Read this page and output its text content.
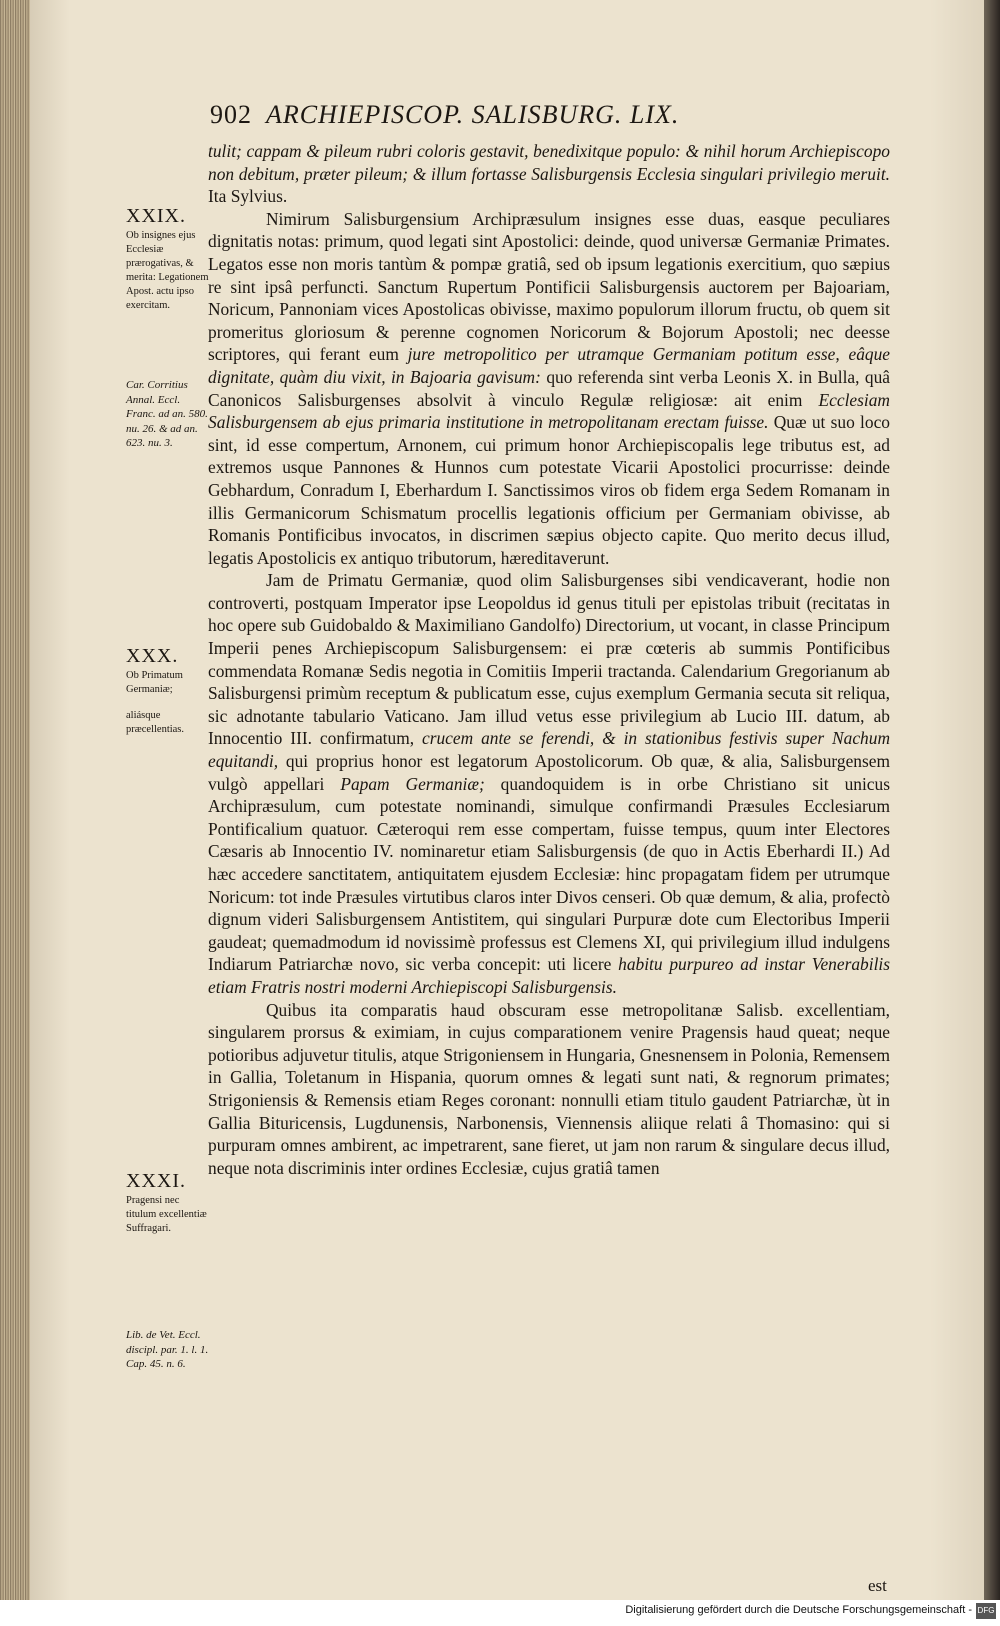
902 ARCHIEPISCOP. SALISBURG. LIX.
XXIX.
Ob insignes ejus Ecclesiæ prærogativas, & merita: Legationem Apost. actu ipso exercitam.
Car. Corritius Annal. Eccl. Franc. ad an. 580. nu. 26. & ad an. 623. nu. 3.
XXX.
Ob Primatum Germaniæ;
aliásque præcellentias.
XXXI.
Pragensi nec titulum excellentiæ Suffragari.
Lib. de Vet. Eccl. discipl. par. 1. l. 1. Cap. 45. n. 6.

tulit; cappam & pileum rubri coloris gestavit, benedixitque populo: & nihil horum Archiepiscopo non debitum, præter pileum; & illum fortasse Salisburgensis Ecclesia singulari privilegio meruit. Ita Sylvius.

Nimirum Salisburgensium Archipræsulum insignes esse duas, easque peculiares dignitatis notas: primum, quod legati sint Apostolici: deinde, quod universæ Germaniæ Primates. Legatos esse non moris tantùm & pompæ gratiâ, sed ob ipsum legationis exercitium, quo sæpius re sint ipsâ perfuncti. Sanctum Rupertum Pontificii Salisburgensis auctorem per Bajoariam, Noricum, Pannoniam vices Apostolicas obivisse, maximo populorum illorum fructu, ob quem sit promeritus gloriosum & perenne cognomen Noricorum & Bojorum Apostoli; nec deesse scriptores, qui ferant eum jure metropolitico per utramque Germaniam potitum esse, eâque dignitate, quàm diu vixit, in Bajoaria gavisum: quo referenda sint verba Leonis X. in Bulla, quâ Canonicos Salisburgenses absolvit à vinculo Regulæ religiosæ: ait enim Ecclesiam Salisburgensem ab ejus primaria institutione in metropolitanam erectam fuisse. Quæ ut suo loco sint, id esse compertum, Arnonem, cui primum honor Archiepiscopalis lege tributus est, ad extremos usque Pannones & Hunnos cum potestate Vicarii Apostolici procurrisse: deinde Gebhardum, Conradum I, Eberhardum I. Sanctissimos viros ob fidem erga Sedem Romanam in illis Germanicorum Schismatum procellis legationis officium per Germaniam obivisse, ab Romanis Pontificibus invocatos, in discrimen sæpius objecto capite. Quo merito decus illud, legatis Apostolicis ex antiquo tributorum, hæreditaverunt.

Jam de Primatu Germaniæ, quod olim Salisburgenses sibi vendicaverant, hodie non controverti, postquam Imperator ipse Leopoldus id genus tituli per epistolas tribuit (recitatas in hoc opere sub Guidobaldo & Maximiliano Gandolfo) Directorium, ut vocant, in classe Principum Imperii penes Archiepiscopum Salisburgensem: ei præ cœteris ab summis Pontificibus commendata Romanæ Sedis negotia in Comitiis Imperii tractanda. Calendarium Gregorianum ab Salisburgensi primùm receptum & publicatum esse, cujus exemplum Germania secuta sit reliqua, sic adnotante tabulario Vaticano. Jam illud vetus esse privilegium ab Lucio III. datum, ab Innocentio III. confirmatum, crucem ante se ferendi, & in stationibus festivis super Nachum equitandi, qui proprius honor est legatorum Apostolicorum. Ob quæ, & alia, Salisburgensem vulgò appellari Papam Germaniæ; quandoquidem is in orbe Christiano sit unicus Archipræsulum, cum potestate nominandi, simulque confirmandi Præsules Ecclesiarum Pontificalium quatuor. Cæteroqui rem esse compertam, fuisse tempus, quum inter Electores Cæsaris ab Innocentio IV. nominaretur etiam Salisburgensis (de quo in Actis Eberhardi II.) Ad hæc accedere sanctitatem, antiquitatem ejusdem Ecclesiæ: hinc propagatam fidem per utrumque Noricum: tot inde Præsules virtutibus claros inter Divos censeri. Ob quæ demum, & alia, profectò dignum videri Salisburgensem Antistitem, qui singulari Purpuræ dote cum Electoribus Imperii gaudeat; quemadmodum id novissimè professus est Clemens XI, qui privilegium illud indulgens Indiarum Patriarchæ novo, sic verba concepit: uti licere habitu purpureo ad instar Venerabilis etiam Fratris nostri moderni Archiepiscopi Salisburgensis.

Quibus ita comparatis haud obscuram esse metropolitanæ Salisb. excellentiam, singularem prorsus & eximiam, in cujus comparationem venire Pragensis haud queat; neque potioribus adjuvetur titulis, atque Strigoniensem in Hungaria, Gnesnensem in Polonia, Remensem in Gallia, Toletanum in Hispania, quorum omnes & legati sunt nati, & regnorum primates; Strigoniensis & Remensis etiam Reges coronant: nonnulli etiam titulo gaudent Patriarchæ, ùt in Gallia Bituricensis, Lugdunensis, Narbonensis, Viennensis aliique relati â Thomasino: qui si purpuram omnes ambirent, ac impetrarent, sane fieret, ut jam non rarum & singulare decus illud, neque nota discriminis inter ordines Ecclesiæ, cujus gratiâ tamen

est
Digitalisierung gefördert durch die Deutsche Forschungsgemeinschaft - DFG
